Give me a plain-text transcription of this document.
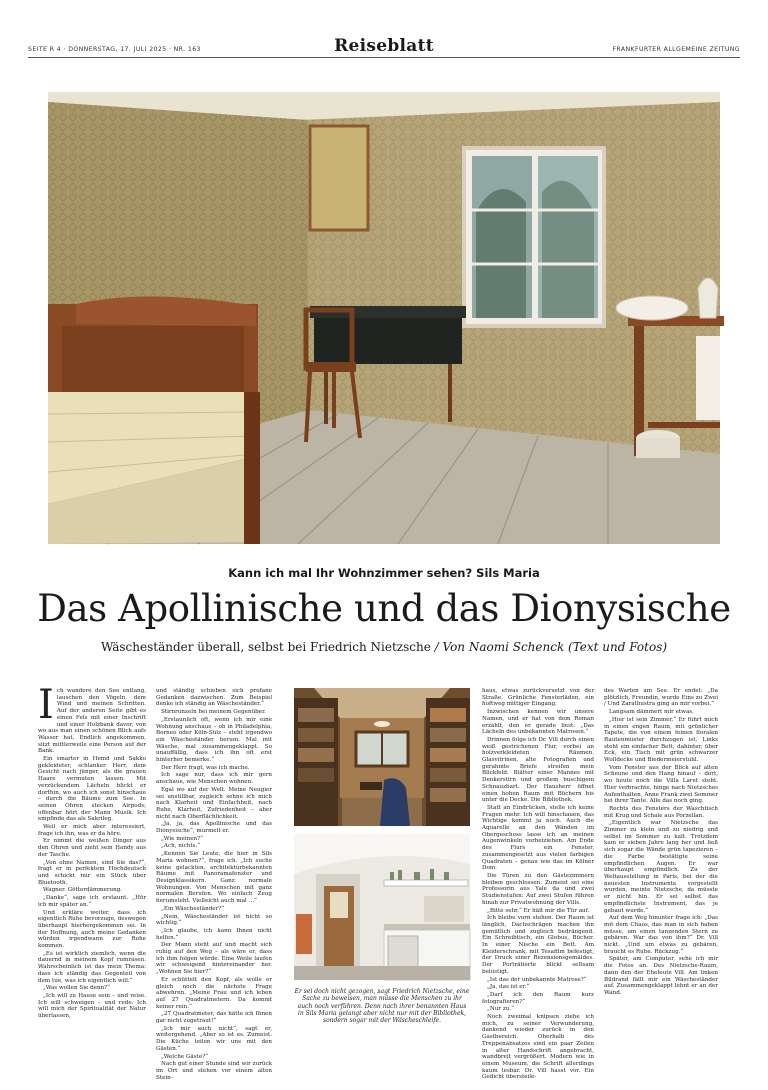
SEITE R 4 · DONNERSTAG, 17. JULI 2025 · NR. 163	Reiseblatt	FRANKFURTER ALLGEMEINE ZEITUNG
Kann ich mal Ihr Wohnzimmer sehen? Sils Maria
Das Apollinische und das Dionysische
Wäscheständer überall, selbst bei Friedrich Nietzsche / Von Naomi Schenck (Text und Fotos)
I ch wandere den See entlang, lauschen den Vögeln, dem Wind und meinen Schritten. Auf der anderen Seite gibt es einen Fels mit einer Inschrift und einer Holzbank davor, von wo aus man einen schönen Blick aufs Wasser hat. Endlich angekommen, sitzt mittlerweile eine Person auf der Bank.

Ein smarter in Hemd und Sakko gekleideter, schlanker Herr, dem Gesicht nach jünger, als die grauen Haare vermuten lassen. Mit verzückendem Lächeln blickt er dorthin, wo auch ich sonst hinschaue – durch die Bäume zum See. In seinen Ohren stecken Airpods; offenbar hört der Mann Musik. Ich empfinde das als Sakrileg.

Weil er mich aber interessiert, frage ich ihn, was er da höre.

Er nimmt die weißen Dinger aus den Ohren und zieht sein Handy aus der Tasche.

„Von ohne Namen, sind Sie das?“, fragt er in perfektem Hochdeutsch und schickt mir ein Stück über Bluetooth.

Wagner. Götterdämmerung.

„Danke“, sage ich erstaunt. „Hör ich mir später an.“

Und erkläre weiter, dass ich eigentlich Ruhe bevorzuge, deswegen überhaupt hierhergekommen sei. In der Hoffnung, auch meine Gedanken würden irgendwann zur Ruhe kommen.

„Es ist wirklich ziemlich, wenn die dauernd in meinem Kopf rumrasen. Wahrscheinlich ist das mein Thema: dass ich ständig das Gegenteil von dem tue, was ich eigentlich will.“

„Was wollen Sie denn?“

„Ich will zu Hause sein – und reise. Ich will schweigen – und rede. Ich will mich der Spiritualität der Natur überlassen,

und ständig schieben sich profane Gedanken dazwischen. Zum Beispiel denke ich ständig an Wäscheständer.“

Stirnrunzeln bei meinem Gegenüber.

„Erstaunlich oft, wenn ich mir eine Wohnung anschaue – ob in Philadelphia, Borneo oder Köln-Sülz – steht irgendwo ein Wäscheständer herum. Mal mit Wäsche, mal zusammengeklappt. So unauffällig, dass ich ihn oft erst hinterher bemerke.“

Der Herr fragt, was ich mache.

Ich sage nur, dass ich mir gern anschaue, wie Menschen wohnen.

Egal wo auf der Welt. Meine Neugier sei unstillbar, zugleich sehne ich mich nach Klarheit und Einfachheit, nach Ruhe, Klarheit, Zufriedenheit – aber nicht nach Oberflächlichkeit.

„Ja, ja, das Apollinische und das Dionysische“, murmelt er.

„Wie meinen?“

„Ach, nichts.“

„Kennen Sie Leute, die hier in Sils Maria wohnen?“, frage ich. „Ich suche keine gelackten, architekturbekannten Räume mit Panoramafenster und Designklassikern. Ganz normale Wohnungen. Von Menschen mit ganz normalen Berufen. Wo einfach Zeug herumsteht. Vielleicht auch mal …“

„Ein Wäscheständer?“

„Nein, Wäscheständer ist nicht so wichtig.“

„Ich glaube, ich kann Ihnen nicht helfen.“

Der Mann steht auf und macht sich ruhig auf den Weg – als wäre er, dass ich ihm folgen würde. Eine Weile laufen wir schweigend hintereinander her. „Wohnen Sie hier?“

Er schüttelt den Kopf, als wolle er gleich noch die nächste Frage abwehren. „Meine Frau und ich leben auf 27 Quadratmetern. Da kommt keiner rein.“

„27 Quadratmeter, das hätte ich Ihnen gar nicht zugetraut!“

„Ich mir auch nicht“, sagt er, weitergehend. „Aber so ist es. Zumeist. Die Küche teilen wir uns mit den Gästen.“

„Welche Gäste?“

Nach gut einer Stunde sind wir zurück im Ort und stehen vor einem alten Stein-

Er sei doch nicht gezogen, sagt Friedrich Nietzsche, eine Sache zu beweisen, man müsse die Menschen zu ihr auch noch verführen. Denn nach ihrer benannten Haus in Sils Maria gelangt aber nicht nur mit der Bibliothek, sondern sogar mit der Wäscheschleife.

haus, etwas zurückversetzt von der Straße. Grünliche Fensterläden, ein hoftweg mittiger Eingang.

Inzwischen kennen wir unsere Namen, und er hat von dem Roman erzählt, den er gerade liest: „Das Lächeln des unbekannten Matrosen.“

Drinnen folge ich Dr. Vill durch einen weiß gestrichenen Flur, vorbei an holzverkleideten Räumen. Glasvitrinen, alte Fotografien und gerahmte Briefe streifen mein Blickfeld. Blätter einer Mannes mit Denkerstirn und großem buschigem Schnauzbart. Der Hausherr öffnet einen hohen Raum mit Büchern bis unter die Decke. Die Bibliothek.

Statt an Eindrücken, stelle ich keine Fragen mehr. Ich will hinschauen, das Wichtige kommt ja noch. Auch die Aquarelle an den Wänden im Obergeschoss lasse ich an meinen Augenwinkeln vorbeiziehen. Am Ende des Flurs ein Fenster, zusammengesetzt aus vielen farbigen Quadraten – genau wie das im Kölner Dom.

Die Türen zu den Gästezimmern bleiben geschlossen. Zumeist sei eine Professorin aus Yale da und zwei Studienstufen: Auf zwei Stufen führen hinab zur Privatwohnung der Vills.

„Bitte sehr.“ Er hält mir die Tür auf.

Ich bleibe vorn stehen. Der Raum ist länglich, Dachschrägen machen ihn gemütlich und zugleich bedrängend. Ein Schreibtisch, ein Globus, Bücher. In einer Nische ein Bett. Am Kleiderschrank, mit Tesafilm befestigt, der Druck einer Rezensionsgemäldes. Der Porträtierte blickt seltsam belustigt.

„Ist das der unbekannte Matrose?“

„Ja, das ist er.“

„Darf ich den Raum kurz fotografieren?“

„Nur zu.“

Noch zweimal knipsen ziehe ich mich, zu seiner Verwunderung, dankend wieder zurück in den Gastbereich. Oberhalb des Treppenabsatzes sind ein paar Zeilen in alter Handschrift angebracht, wandbreit vergrößert. Modern wie in einem Museum, die Schrift allerdings kaum lesbar. Dr. Vill hasst vor. Ein Gedicht übersteile-

des Warten am See. Er endet: „Da plötzlich, Freundin, wurde Eins zu Zwei / Und Zarathustra ging an mir vorbei.“

Langsam dämmert mir etwas.

„Hier ist sein Zimmer.“ Er führt mich in einen engen Raum, mit grünlicher Tapete, die von einem feinen floralen Rautenmuster durchzogen ist. Links steht ein einfacher Bett, dahinter, über Eck, ein Tisch mit grün schwarzer Wolldecke und Biedermeierstuhl.

Vom Fenster aus der Blick auf alten Scheune und den Hang hinauf – dort, wo heute noch die Villa Laret steht. Hier verbrachte, hinge nach Nietzsches Aufenthalten, Anne Frank zwei Sommer bei ihrer Tante. Alle das noch ging.

Rechts des Fensters der Waschtisch mit Krug und Schale aus Porzellan.

„Eigentlich war Nietzsche das Zimmer zu klein und zu niedrig und selbst im Sommer zu kalt. Trotzdem kam er sieben Jahre lang her und ließ sich sogar die Wände grün tapezieren – die Farbe bestätigte seine empfindlichen Augen. Er war überhaupt empfindlich. Zu der Weltausstellung in Paris, bei der die neuesten Instrumente vorgestellt wurden, meinte Nietzsche, da müsste er nicht hin. Er sei selbst das empfindlichste Instrument, das je gebaut wurde.“

Auf dem Weg hinunter frage ich: „Das mit dem Chaos, das man in sich haben müsse, um einen tanzenden Stern zu gebären. War das von ihm?“ Dr. Vill nickt. „Und um etwas zu gebären, braucht es Ruhe. Rückzug.“

Später, am Computer, sehe ich mir die Fotos an. Des Nietzsche-Raum, dann den der Eheleute Vill. Am linken Bildrand fällt mir ein Wäscheständer auf. Zusammengeklappt lehnt er an der Wand.
